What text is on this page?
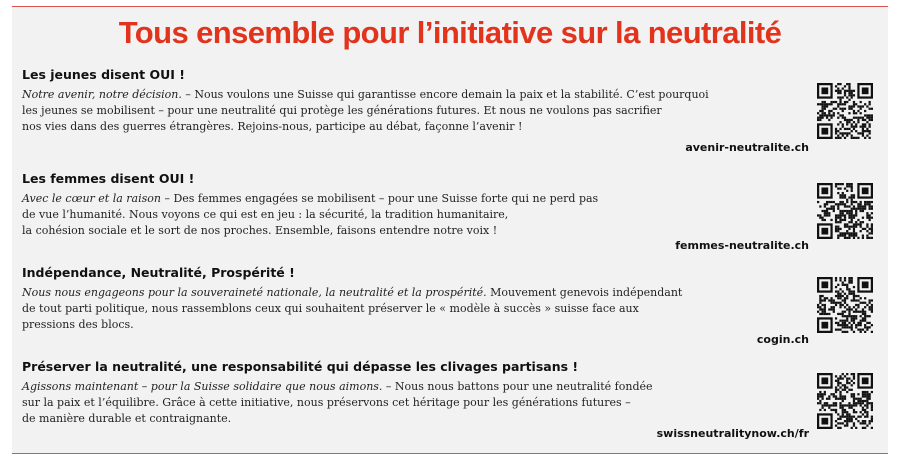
Tous ensemble pour l’initiative sur la neutralité
Les jeunes disent OUI !
Notre avenir, notre décision. – Nous voulons une Suisse qui garantisse encore demain la paix et la stabilité. C’est pourquoi
les jeunes se mobilisent – pour une neutralité qui protège les générations futures. Et nous ne voulons pas sacrifier
nos vies dans des guerres étrangères. Rejoins-nous, participe au débat, façonne l’avenir !
avenir-neutralite.ch
Les femmes disent OUI !
Avec le cœur et la raison – Des femmes engagées se mobilisent – pour une Suisse forte qui ne perd pas
de vue l’humanité. Nous voyons ce qui est en jeu : la sécurité, la tradition humanitaire,
la cohésion sociale et le sort de nos proches. Ensemble, faisons entendre notre voix !
femmes-neutralite.ch
Indépendance, Neutralité, Prospérité !
Nous nous engageons pour la souveraineté nationale, la neutralité et la prospérité. Mouvement genevois indépendant
de tout parti politique, nous rassemblons ceux qui souhaitent préserver le « modèle à succès » suisse face aux
pressions des blocs.
cogin.ch
Préserver la neutralité, une responsabilité qui dépasse les clivages partisans !
Agissons maintenant – pour la Suisse solidaire que nous aimons. – Nous nous battons pour une neutralité fondée
sur la paix et l’équilibre. Grâce à cette initiative, nous préservons cet héritage pour les générations futures –
de manière durable et contraignante.
swissneutralitynow.ch/fr
